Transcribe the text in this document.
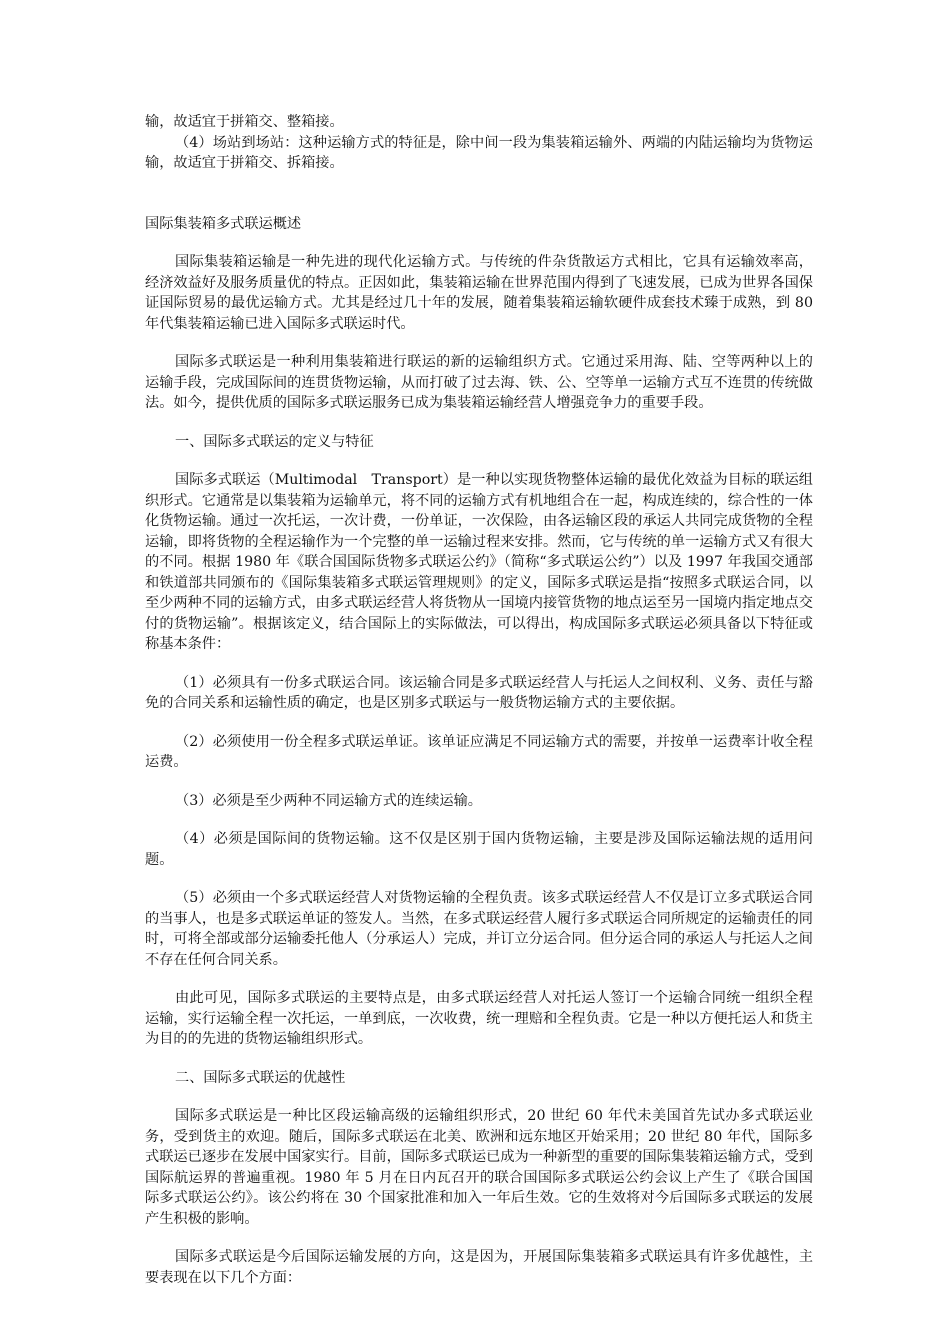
输，故适宜于拼箱交、整箱接。

（4）场站到场站：这种运输方式的特征是，除中间一段为集装箱运输外、两端的内陆运输均为货物运输，故适宜于拼箱交、拆箱接。

国际集装箱多式联运概述

国际集装箱运输是一种先进的现代化运输方式。与传统的件杂货散运方式相比，它具有运输效率高，经济效益好及服务质量优的特点。正因如此，集装箱运输在世界范围内得到了飞速发展，已成为世界各国保证国际贸易的最优运输方式。尤其是经过几十年的发展，随着集装箱运输软硬件成套技术臻于成熟，到 80 年代集装箱运输已进入国际多式联运时代。

国际多式联运是一种利用集装箱进行联运的新的运输组织方式。它通过采用海、陆、空等两种以上的运输手段，完成国际间的连贯货物运输，从而打破了过去海、铁、公、空等单一运输方式互不连贯的传统做法。如今，提供优质的国际多式联运服务已成为集装箱运输经营人增强竞争力的重要手段。

一、国际多式联运的定义与特征

国际多式联运（Multimodal　Transport）是一种以实现货物整体运输的最优化效益为目标的联运组织形式。它通常是以集装箱为运输单元，将不同的运输方式有机地组合在一起，构成连续的，综合性的一体化货物运输。通过一次托运，一次计费，一份单证，一次保险，由各运输区段的承运人共同完成货物的全程运输，即将货物的全程运输作为一个完整的单一运输过程来安排。然而，它与传统的单一运输方式又有很大的不同。根据 1980 年《联合国国际货物多式联运公约》（简称“多式联运公约”）以及 1997 年我国交通部和铁道部共同颁布的《国际集装箱多式联运管理规则》的定义，国际多式联运是指“按照多式联运合同，以至少两种不同的运输方式，由多式联运经营人将货物从一国境内接管货物的地点运至另一国境内指定地点交付的货物运输”。根据该定义，结合国际上的实际做法，可以得出，构成国际多式联运必须具备以下特征或称基本条件：

（1）必须具有一份多式联运合同。该运输合同是多式联运经营人与托运人之间权利、义务、责任与豁免的合同关系和运输性质的确定，也是区别多式联运与一般货物运输方式的主要依据。

（2）必须使用一份全程多式联运单证。该单证应满足不同运输方式的需要，并按单一运费率计收全程运费。

（3）必须是至少两种不同运输方式的连续运输。

（4）必须是国际间的货物运输。这不仅是区别于国内货物运输，主要是涉及国际运输法规的适用问题。

（5）必须由一个多式联运经营人对货物运输的全程负责。该多式联运经营人不仅是订立多式联运合同的当事人，也是多式联运单证的签发人。当然，在多式联运经营人履行多式联运合同所规定的运输责任的同时，可将全部或部分运输委托他人（分承运人）完成，并订立分运合同。但分运合同的承运人与托运人之间不存在任何合同关系。

由此可见，国际多式联运的主要特点是，由多式联运经营人对托运人签订一个运输合同统一组织全程运输，实行运输全程一次托运，一单到底，一次收费，统一理赔和全程负责。它是一种以方便托运人和货主为目的的先进的货物运输组织形式。

二、国际多式联运的优越性

国际多式联运是一种比区段运输高级的运输组织形式，20 世纪 60 年代未美国首先试办多式联运业务，受到货主的欢迎。随后，国际多式联运在北美、欧洲和远东地区开始采用；20 世纪 80 年代，国际多式联运已逐步在发展中国家实行。目前，国际多式联运已成为一种新型的重要的国际集装箱运输方式，受到国际航运界的普遍重视。1980 年 5 月在日内瓦召开的联合国国际多式联运公约会议上产生了《联合国国际多式联运公约》。该公约将在 30 个国家批准和加入一年后生效。它的生效将对今后国际多式联运的发展产生积极的影响。

国际多式联运是今后国际运输发展的方向，这是因为，开展国际集装箱多式联运具有许多优越性，主要表现在以下几个方面：
